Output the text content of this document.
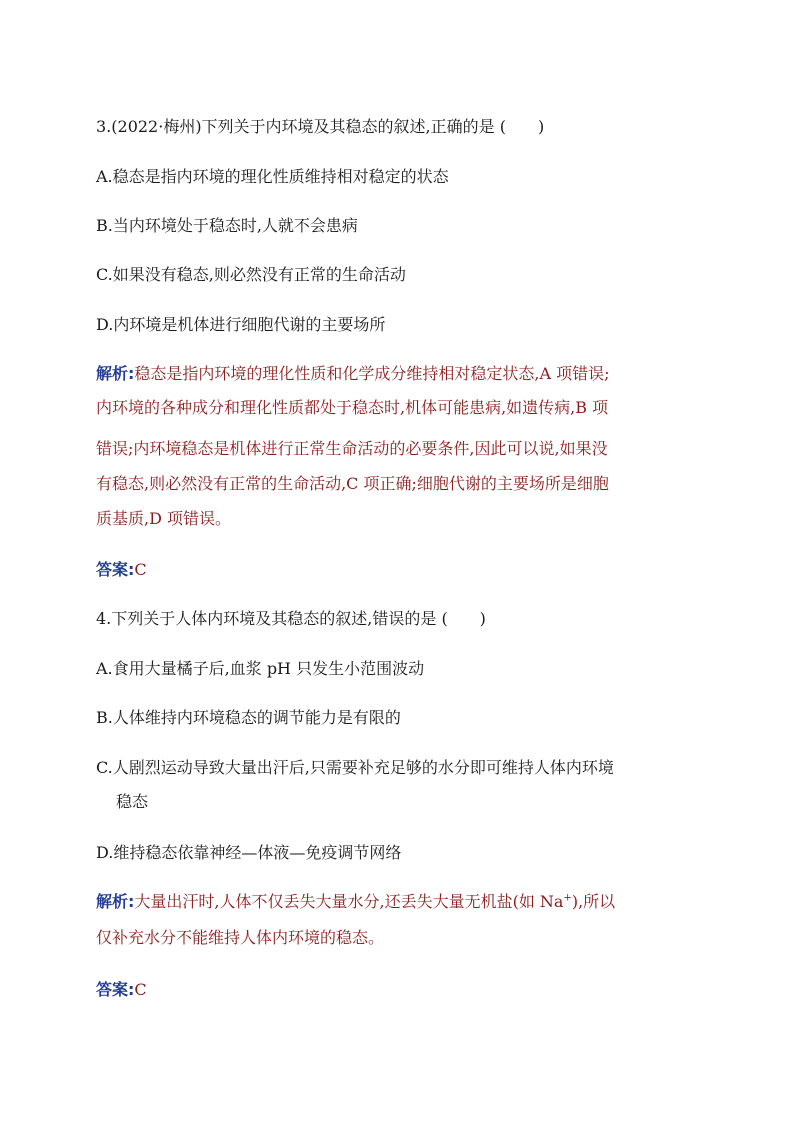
3.(2022·梅州)下列关于内环境及其稳态的叙述,正确的是 (　　)
A.稳态是指内环境的理化性质维持相对稳定的状态
B.当内环境处于稳态时,人就不会患病
C.如果没有稳态,则必然没有正常的生命活动
D.内环境是机体进行细胞代谢的主要场所
解析:稳态是指内环境的理化性质和化学成分维持相对稳定状态,A 项错误;
内环境的各种成分和理化性质都处于稳态时,机体可能患病,如遗传病,B 项
错误;内环境稳态是机体进行正常生命活动的必要条件,因此可以说,如果没
有稳态,则必然没有正常的生命活动,C 项正确;细胞代谢的主要场所是细胞
质基质,D 项错误。
答案:C
4.下列关于人体内环境及其稳态的叙述,错误的是 (　　)
A.食用大量橘子后,血浆 pH 只发生小范围波动
B.人体维持内环境稳态的调节能力是有限的
C.人剧烈运动导致大量出汗后,只需要补充足够的水分即可维持人体内环境
稳态
D.维持稳态依靠神经—体液—免疫调节网络
解析:大量出汗时,人体不仅丢失大量水分,还丢失大量无机盐(如 Na+),所以
仅补充水分不能维持人体内环境的稳态。
答案:C
